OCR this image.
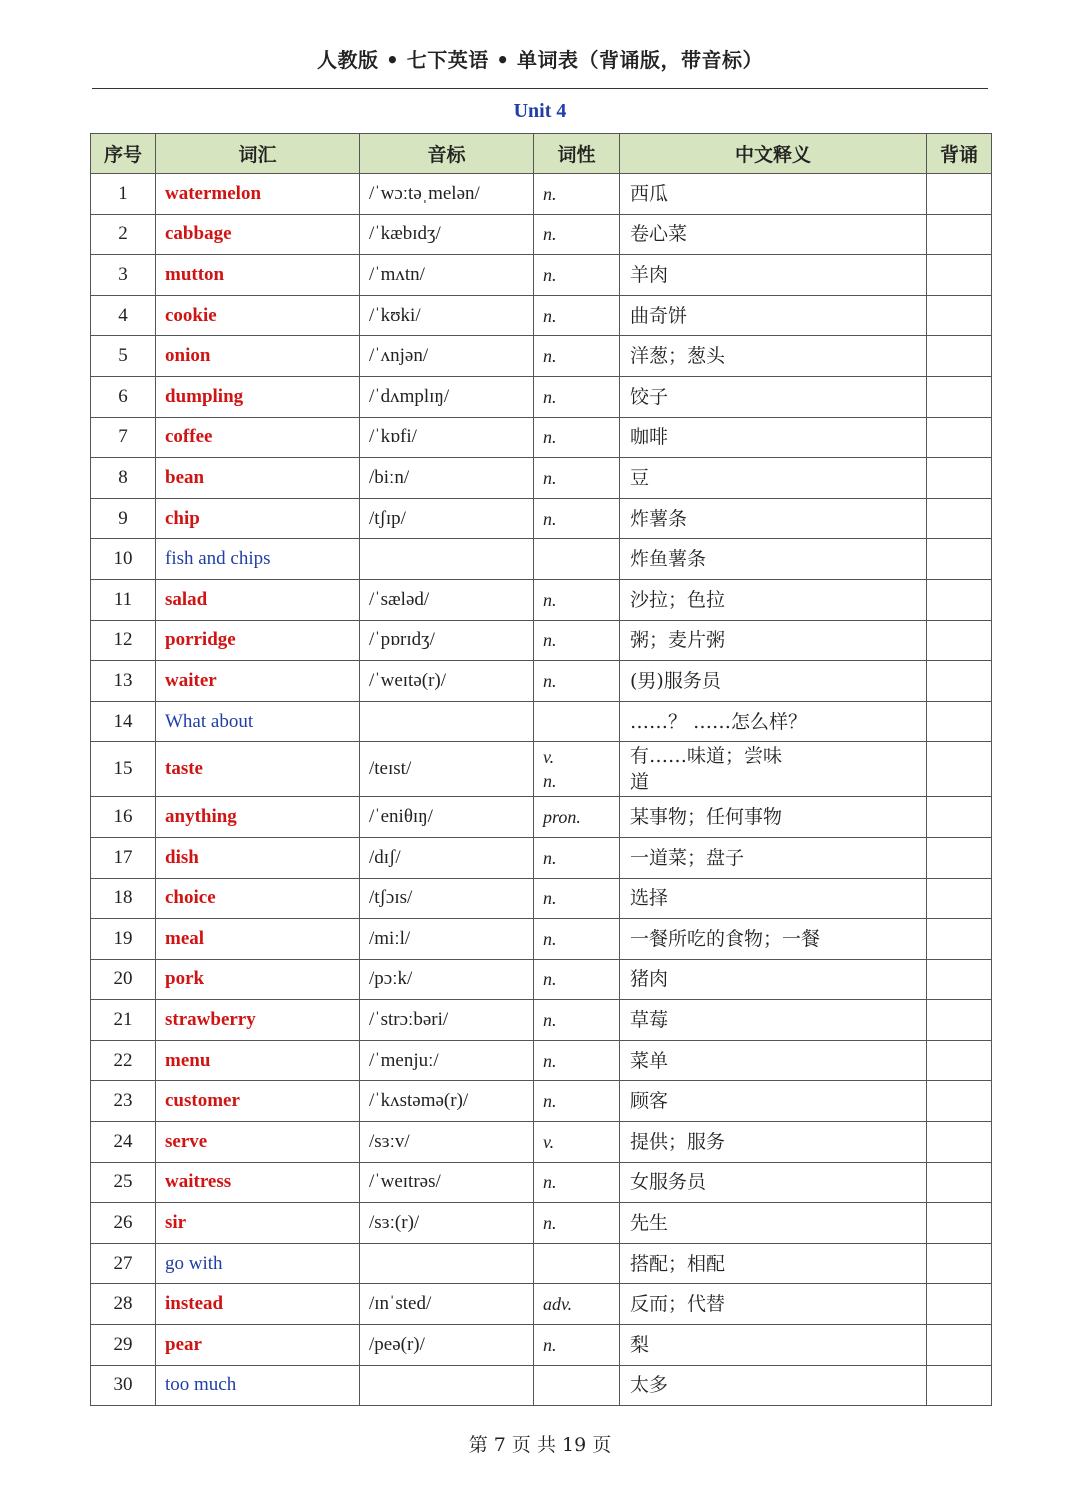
人教版 • 七下英语 • 单词表（背诵版，带音标）
Unit 4
序号	词汇	音标	词性	中文释义	背诵
1	watermelon	/ˈwɔːtəˌmelən/	n.	西瓜	

2	cabbage	/ˈkæbɪdʒ/	n.	卷心菜	

3	mutton	/ˈmʌtn/	n.	羊肉	

4	cookie	/ˈkʊki/	n.	曲奇饼	

5	onion	/ˈʌnjən/	n.	洋葱；葱头	

6	dumpling	/ˈdʌmplɪŋ/	n.	饺子	

7	coffee	/ˈkɒfi/	n.	咖啡	

8	bean	/biːn/	n.	豆	

9	chip	/tʃɪp/	n.	炸薯条	

10	fish and chips			炸鱼薯条	

11	salad	/ˈsæləd/	n.	沙拉；色拉	

12	porridge	/ˈpɒrɪdʒ/	n.	粥；麦片粥	

13	waiter	/ˈweɪtə(r)/	n.	(男)服务员	

14	What about			……？ ……怎么样？	

15	taste	/teɪst/	v.
n.	有……味道；尝味道	

16	anything	/ˈeniθɪŋ/	pron.	某事物；任何事物	

17	dish	/dɪʃ/	n.	一道菜；盘子	

18	choice	/tʃɔɪs/	n.	选择	

19	meal	/miːl/	n.	一餐所吃的食物；一餐	

20	pork	/pɔːk/	n.	猪肉	

21	strawberry	/ˈstrɔːbəri/	n.	草莓	

22	menu	/ˈmenjuː/	n.	菜单	

23	customer	/ˈkʌstəmə(r)/	n.	顾客	

24	serve	/sɜːv/	v.	提供；服务	

25	waitress	/ˈweɪtrəs/	n.	女服务员	

26	sir	/sɜː(r)/	n.	先生	

27	go with			搭配；相配	

28	instead	/ɪnˈsted/	adv.	反而；代替	

29	pear	/peə(r)/	n.	梨	

30	too much			太多	

第 7 页 共 19 页
